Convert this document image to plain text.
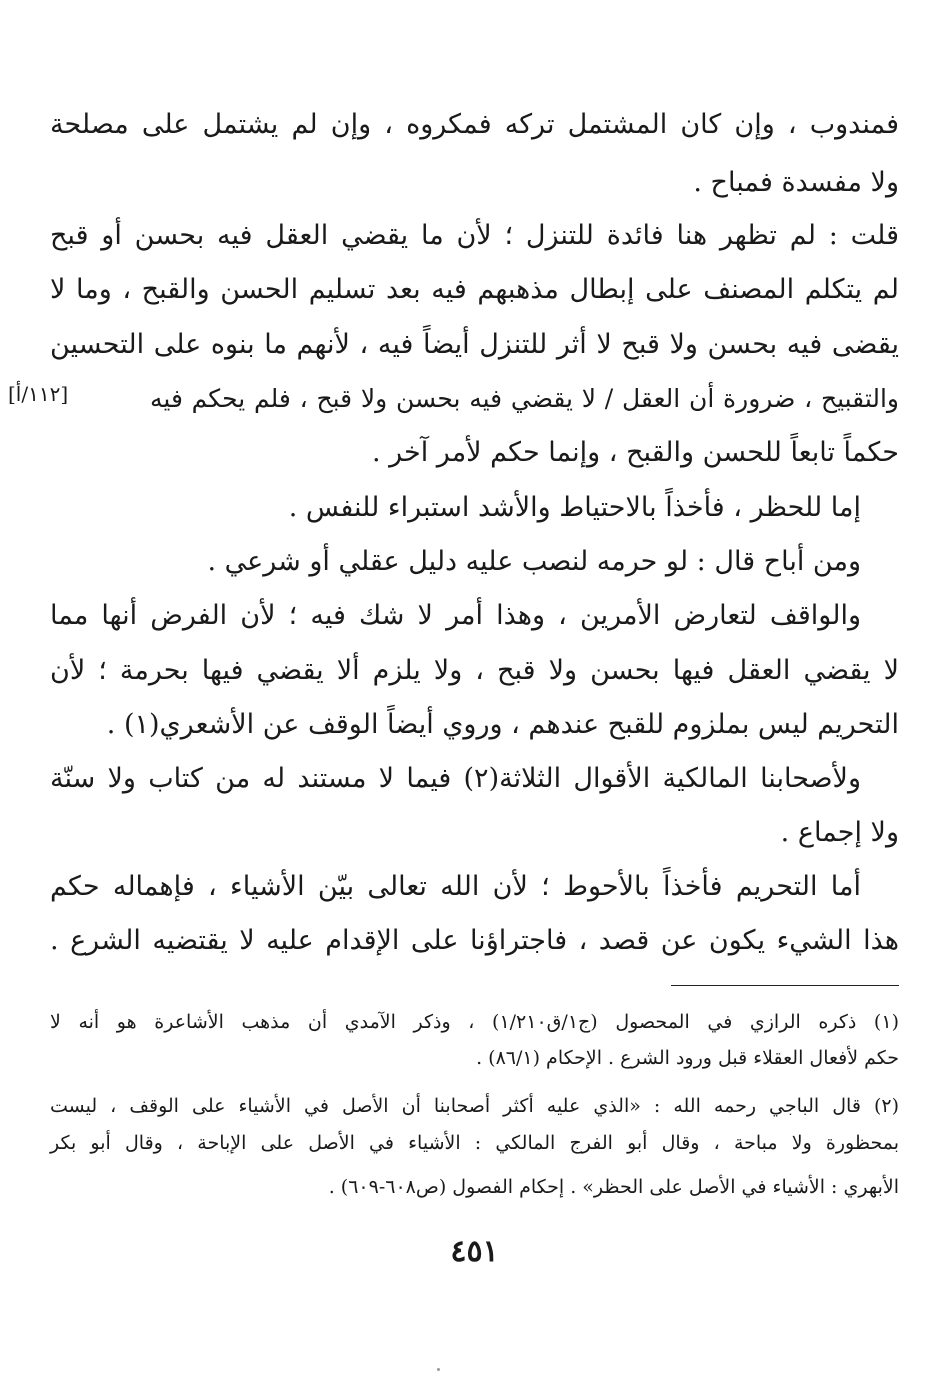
فمندوب ، وإن كان المشتمل تركه فمكروه ، وإن لم يشتمل على مصلحة
ولا مفسدة فمباح .
قلت : لم تظهر هنا فائدة للتنزل ؛ لأن ما يقضي العقل فيه بحسن أو قبح
لم يتكلم المصنف على إبطال مذهبهم فيه بعد تسليم الحسن والقبح ، وما لا
يقضى فيه بحسن ولا قبح لا أثر للتنزل أيضاً فيه ، لأنهم ما بنوه على التحسين
والتقبيح ، ضرورة أن العقل / لا يقضي فيه بحسن ولا قبح ، فلم يحكم فيه
حكماً تابعاً للحسن والقبح ، وإنما حكم لأمر آخر .
إما للحظر ، فأخذاً بالاحتياط والأشد استبراء للنفس .
ومن أباح قال : لو حرمه لنصب عليه دليل عقلي أو شرعي .
والواقف لتعارض الأمرين ، وهذا أمر لا شك فيه ؛ لأن الفرض أنها مما
لا يقضي العقل فيها بحسن ولا قبح ، ولا يلزم ألا يقضي فيها بحرمة ؛ لأن
التحريم ليس بملزوم للقبح عندهم ، وروي أيضاً الوقف عن الأشعري(١) .
ولأصحابنا المالكية الأقوال الثلاثة(٢) فيما لا مستند له من كتاب ولا سنّة
ولا إجماع .
أما التحريم فأخذاً بالأحوط ؛ لأن الله تعالى بيّن الأشياء ، فإهماله حكم
هذا الشيء يكون عن قصد ، فاجتراؤنا على الإقدام عليه لا يقتضيه الشرع .
[١١٢/أ]
(١) ذكره الرازي في المحصول (ج١/ق١/٢١٠) ، وذكر الآمدي أن مذهب الأشاعرة هو أنه لا
حكم لأفعال العقلاء قبل ورود الشرع . الإحكام (٨٦/١) .
(٢) قال الباجي رحمه الله : «الذي عليه أكثر أصحابنا أن الأصل في الأشياء على الوقف ، ليست
بمحظورة ولا مباحة ، وقال أبو الفرج المالكي : الأشياء في الأصل على الإباحة ، وقال أبو بكر
الأبهري : الأشياء في الأصل على الحظر» . إحكام الفصول (ص٦٠٨-٦٠٩) .
٤٥١
